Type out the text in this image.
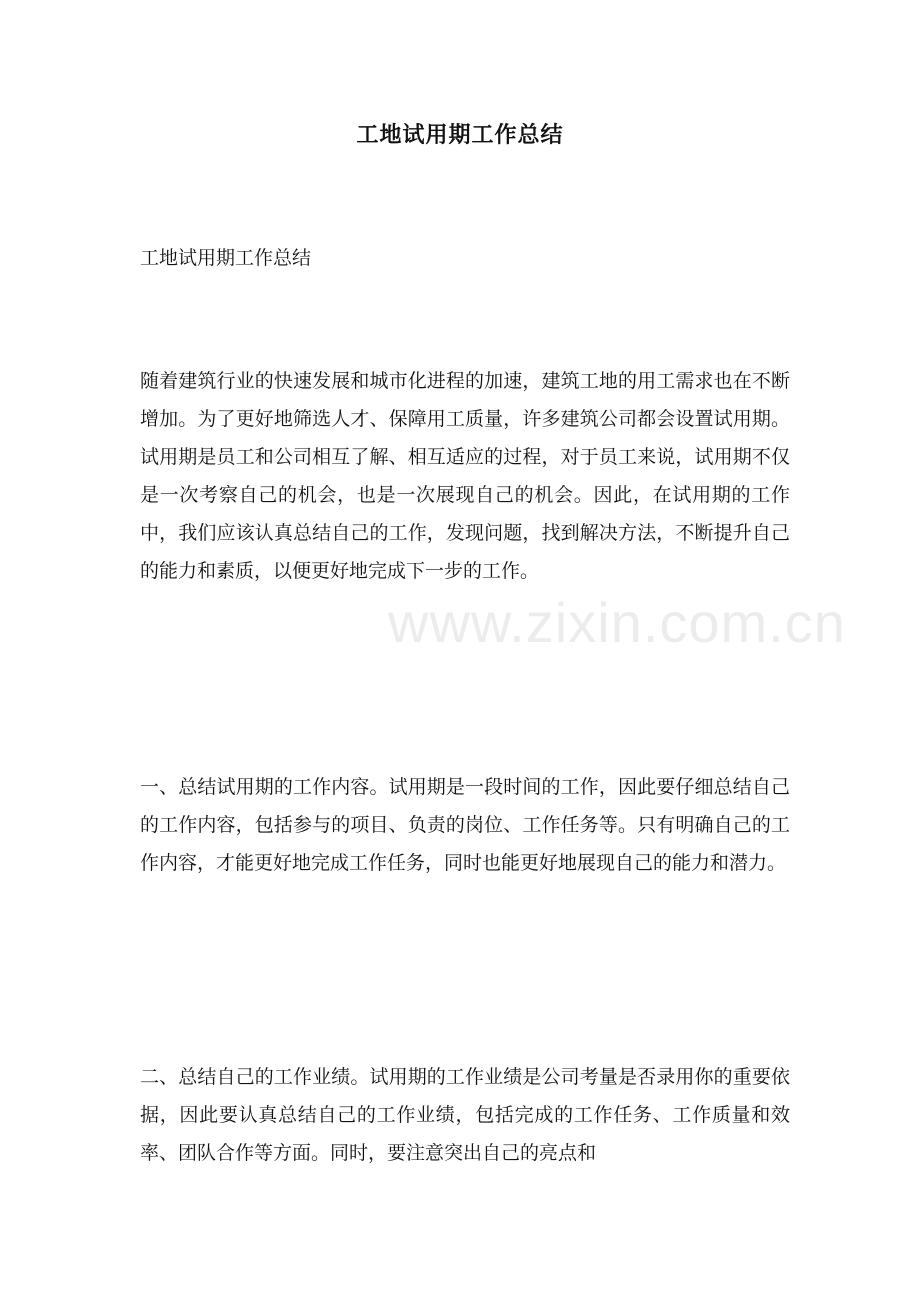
工地试用期工作总结
工地试用期工作总结
随着建筑行业的快速发展和城市化进程的加速，建筑工地的用工需求也在不断增加。为了更好地筛选人才、保障用工质量，许多建筑公司都会设置试用期。试用期是员工和公司相互了解、相互适应的过程，对于员工来说，试用期不仅是一次考察自己的机会，也是一次展现自己的机会。因此，在试用期的工作中，我们应该认真总结自己的工作，发现问题，找到解决方法，不断提升自己的能力和素质，以便更好地完成下一步的工作。
一、总结试用期的工作内容。试用期是一段时间的工作，因此要仔细总结自己的工作内容，包括参与的项目、负责的岗位、工作任务等。只有明确自己的工作内容，才能更好地完成工作任务，同时也能更好地展现自己的能力和潜力。
二、总结自己的工作业绩。试用期的工作业绩是公司考量是否录用你的重要依据，因此要认真总结自己的工作业绩，包括完成的工作任务、工作质量和效率、团队合作等方面。同时，要注意突出自己的亮点和
www.zixin.com.cn
